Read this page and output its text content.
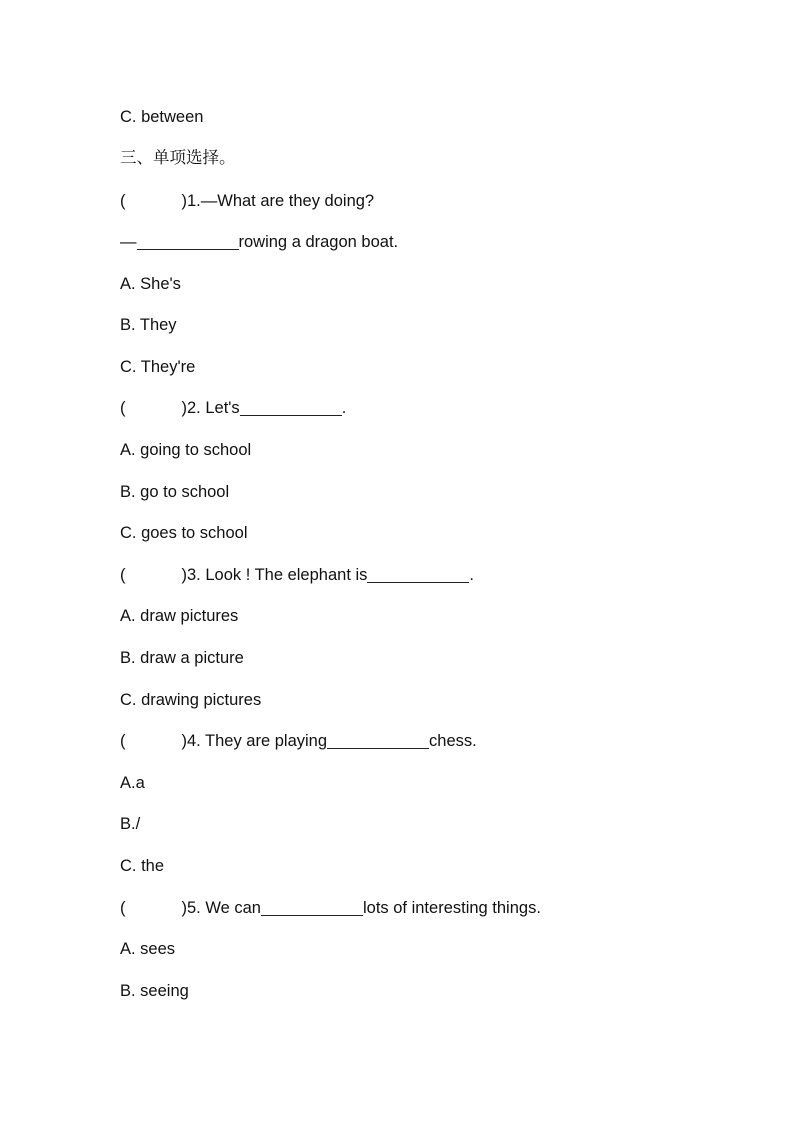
C. between
三、单项选择。
(	)1.—What are they doing?
—	rowing a dragon boat.
A. She's
B. They
C. They're
(	)2. Let's	.
A. going to school
B. go to school
C. goes to school
(	)3. Look ! The elephant is	.
A. draw pictures
B. draw a picture
C. drawing pictures
(	)4. They are playing	chess.
A.a
B./
C. the
(	)5. We can	lots of interesting things.
A. sees
B. seeing
